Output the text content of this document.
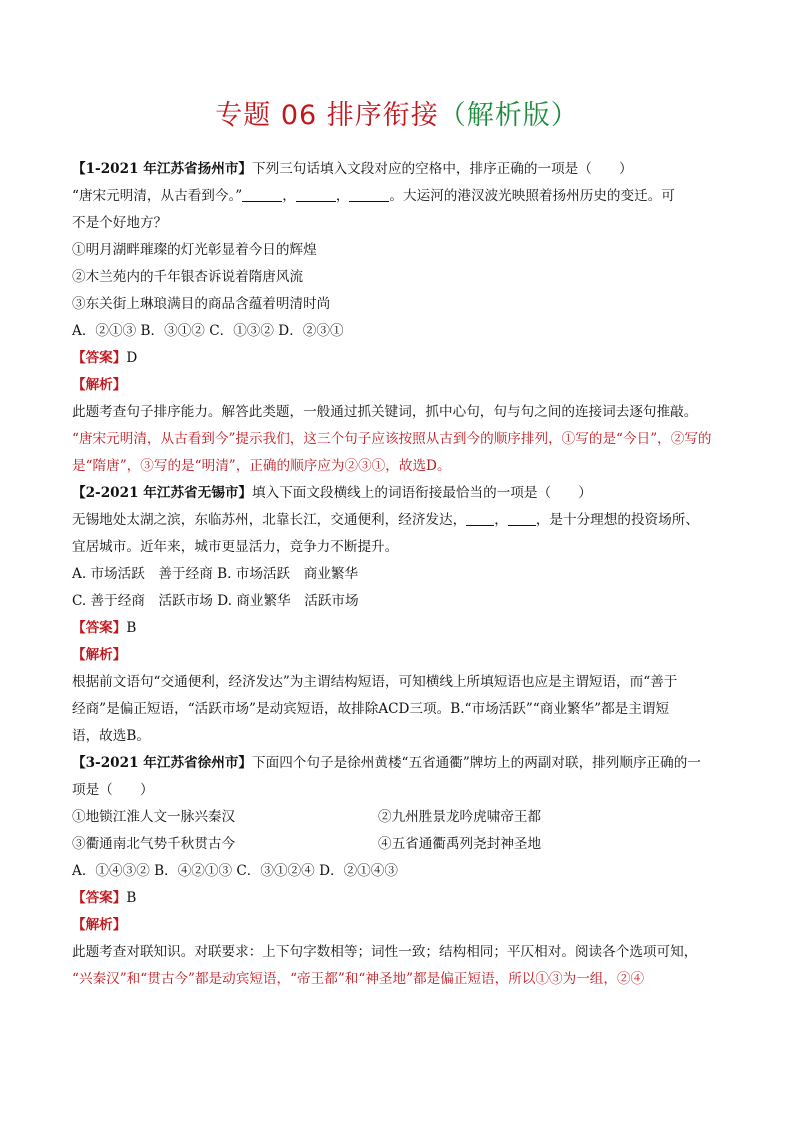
专题 06 排序衔接（解析版）
【1-2021 年江苏省扬州市】下列三句话填入文段对应的空格中，排序正确的一项是（　　）
“唐宋元明清，从古看到今。”	，	，	。大运河的港汊波光映照着扬州历史的变迁。可
不是个好地方？
①明月湖畔璀璨的灯光彰显着今日的辉煌
②木兰苑内的千年银杏诉说着隋唐风流
③东关街上琳琅满目的商品含蕴着明清时尚
A．②①③ B．③①② C．①③② D．②③①
【答案】D
【解析】
此题考查句子排序能力。解答此类题，一般通过抓关键词，抓中心句，句与句之间的连接词去逐句推敲。
“唐宋元明清，从古看到今”提示我们，这三个句子应该按照从古到今的顺序排列，①写的是“今日”，②写的
是“隋唐”，③写的是“明清”，正确的顺序应为②③①，故选D。
【2-2021 年江苏省无锡市】填入下面文段横线上的词语衔接最恰当的一项是（　　）
无锡地处太湖之滨，东临苏州，北靠长江，交通便利，经济发达， ， ，是十分理想的投资场所、
宜居城市。近年来，城市更显活力，竞争力不断提升。
A. 市场活跃　善于经商 B. 市场活跃　商业繁华
C. 善于经商　活跃市场 D. 商业繁华　活跃市场
【答案】B
【解析】
根据前文语句“交通便利，经济发达”为主谓结构短语，可知横线上所填短语也应是主谓短语，而“善于
经商”是偏正短语，“活跃市场”是动宾短语，故排除ACD三项。B.“市场活跃”“商业繁华”都是主谓短
语，故选B。
【3-2021 年江苏省徐州市】下面四个句子是徐州黄楼“五省通衢”牌坊上的两副对联，排列顺序正确的一
项是（　　）
①地锁江淮人文一脉兴秦汉	②九州胜景龙吟虎啸帝王都
③衢通南北气势千秋贯古今	④五省通衢禹列尧封神圣地
A．①④③② B．④②①③ C．③①②④ D．②①④③
【答案】B
【解析】
此题考查对联知识。对联要求：上下句字数相等；词性一致；结构相同；平仄相对。阅读各个选项可知，
“兴秦汉”和“贯古今”都是动宾短语，“帝王都”和“神圣地”都是偏正短语，所以①③为一组，②④
